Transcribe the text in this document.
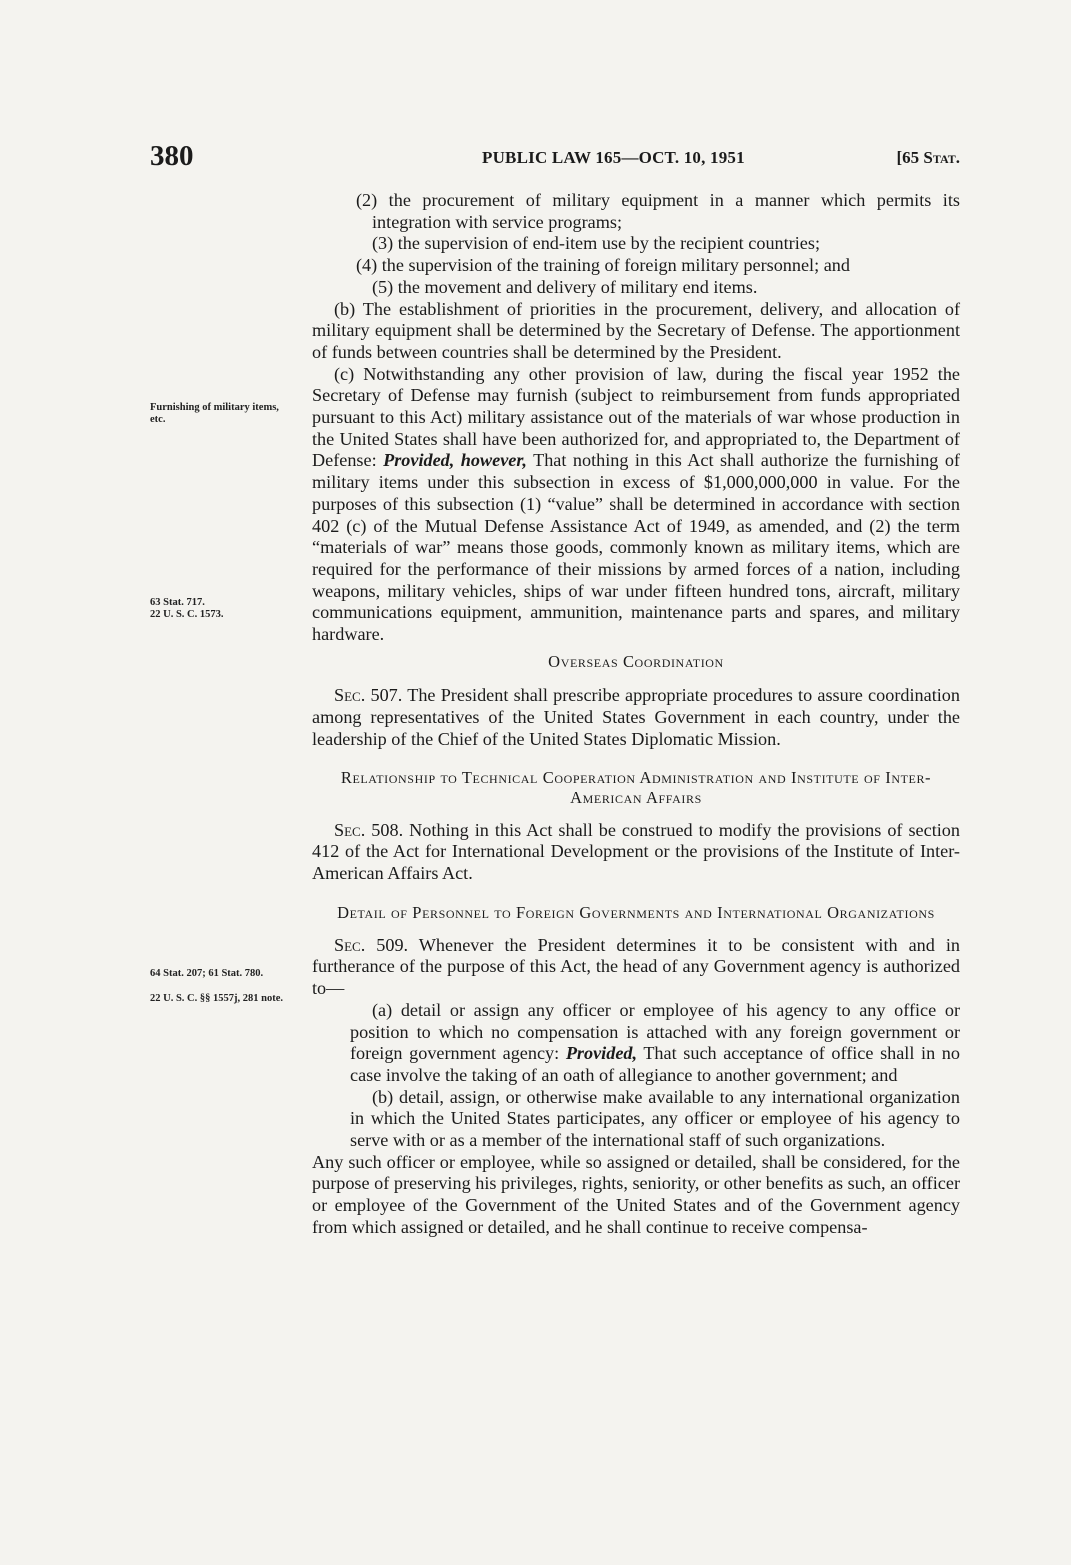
380	PUBLIC LAW 165—OCT. 10, 1951	[65 Stat.
Furnishing of military items, etc.
63 Stat. 717.
22 U. S. C. 1573.
64 Stat. 207; 61 Stat. 780.
22 U. S. C. §§ 1557j, 281 note.

(2) the procurement of military equipment in a manner which permits its integration with service programs;

(3) the supervision of end-item use by the recipient countries;

(4) the supervision of the training of foreign military personnel; and

(5) the movement and delivery of military end items.

(b) The establishment of priorities in the procurement, delivery, and allocation of military equipment shall be determined by the Secretary of Defense. The apportionment of funds between countries shall be determined by the President.

(c) Notwithstanding any other provision of law, during the fiscal year 1952 the Secretary of Defense may furnish (subject to reimbursement from funds appropriated pursuant to this Act) military assistance out of the materials of war whose production in the United States shall have been authorized for, and appropriated to, the Department of Defense: Provided, however, That nothing in this Act shall authorize the furnishing of military items under this subsection in excess of $1,000,000,000 in value. For the purposes of this subsection (1) “value” shall be determined in accordance with section 402 (c) of the Mutual Defense Assistance Act of 1949, as amended, and (2) the term “materials of war” means those goods, commonly known as military items, which are required for the performance of their missions by armed forces of a nation, including weapons, military vehicles, ships of war under fifteen hundred tons, aircraft, military communications equipment, ammunition, maintenance parts and spares, and military hardware.

Overseas Coordination

Sec. 507. The President shall prescribe appropriate procedures to assure coordination among representatives of the United States Government in each country, under the leadership of the Chief of the United States Diplomatic Mission.

Relationship to Technical Cooperation Administration and Institute of Inter-American Affairs

Sec. 508. Nothing in this Act shall be construed to modify the provisions of section 412 of the Act for International Development or the provisions of the Institute of Inter-American Affairs Act.

Detail of Personnel to Foreign Governments and International Organizations

Sec. 509. Whenever the President determines it to be consistent with and in furtherance of the purpose of this Act, the head of any Government agency is authorized to—

(a) detail or assign any officer or employee of his agency to any office or position to which no compensation is attached with any foreign government or foreign government agency: Provided, That such acceptance of office shall in no case involve the taking of an oath of allegiance to another government; and

(b) detail, assign, or otherwise make available to any international organization in which the United States participates, any officer or employee of his agency to serve with or as a member of the international staff of such organizations.

Any such officer or employee, while so assigned or detailed, shall be considered, for the purpose of preserving his privileges, rights, seniority, or other benefits as such, an officer or employee of the Government of the United States and of the Government agency from which assigned or detailed, and he shall continue to receive compensa-
